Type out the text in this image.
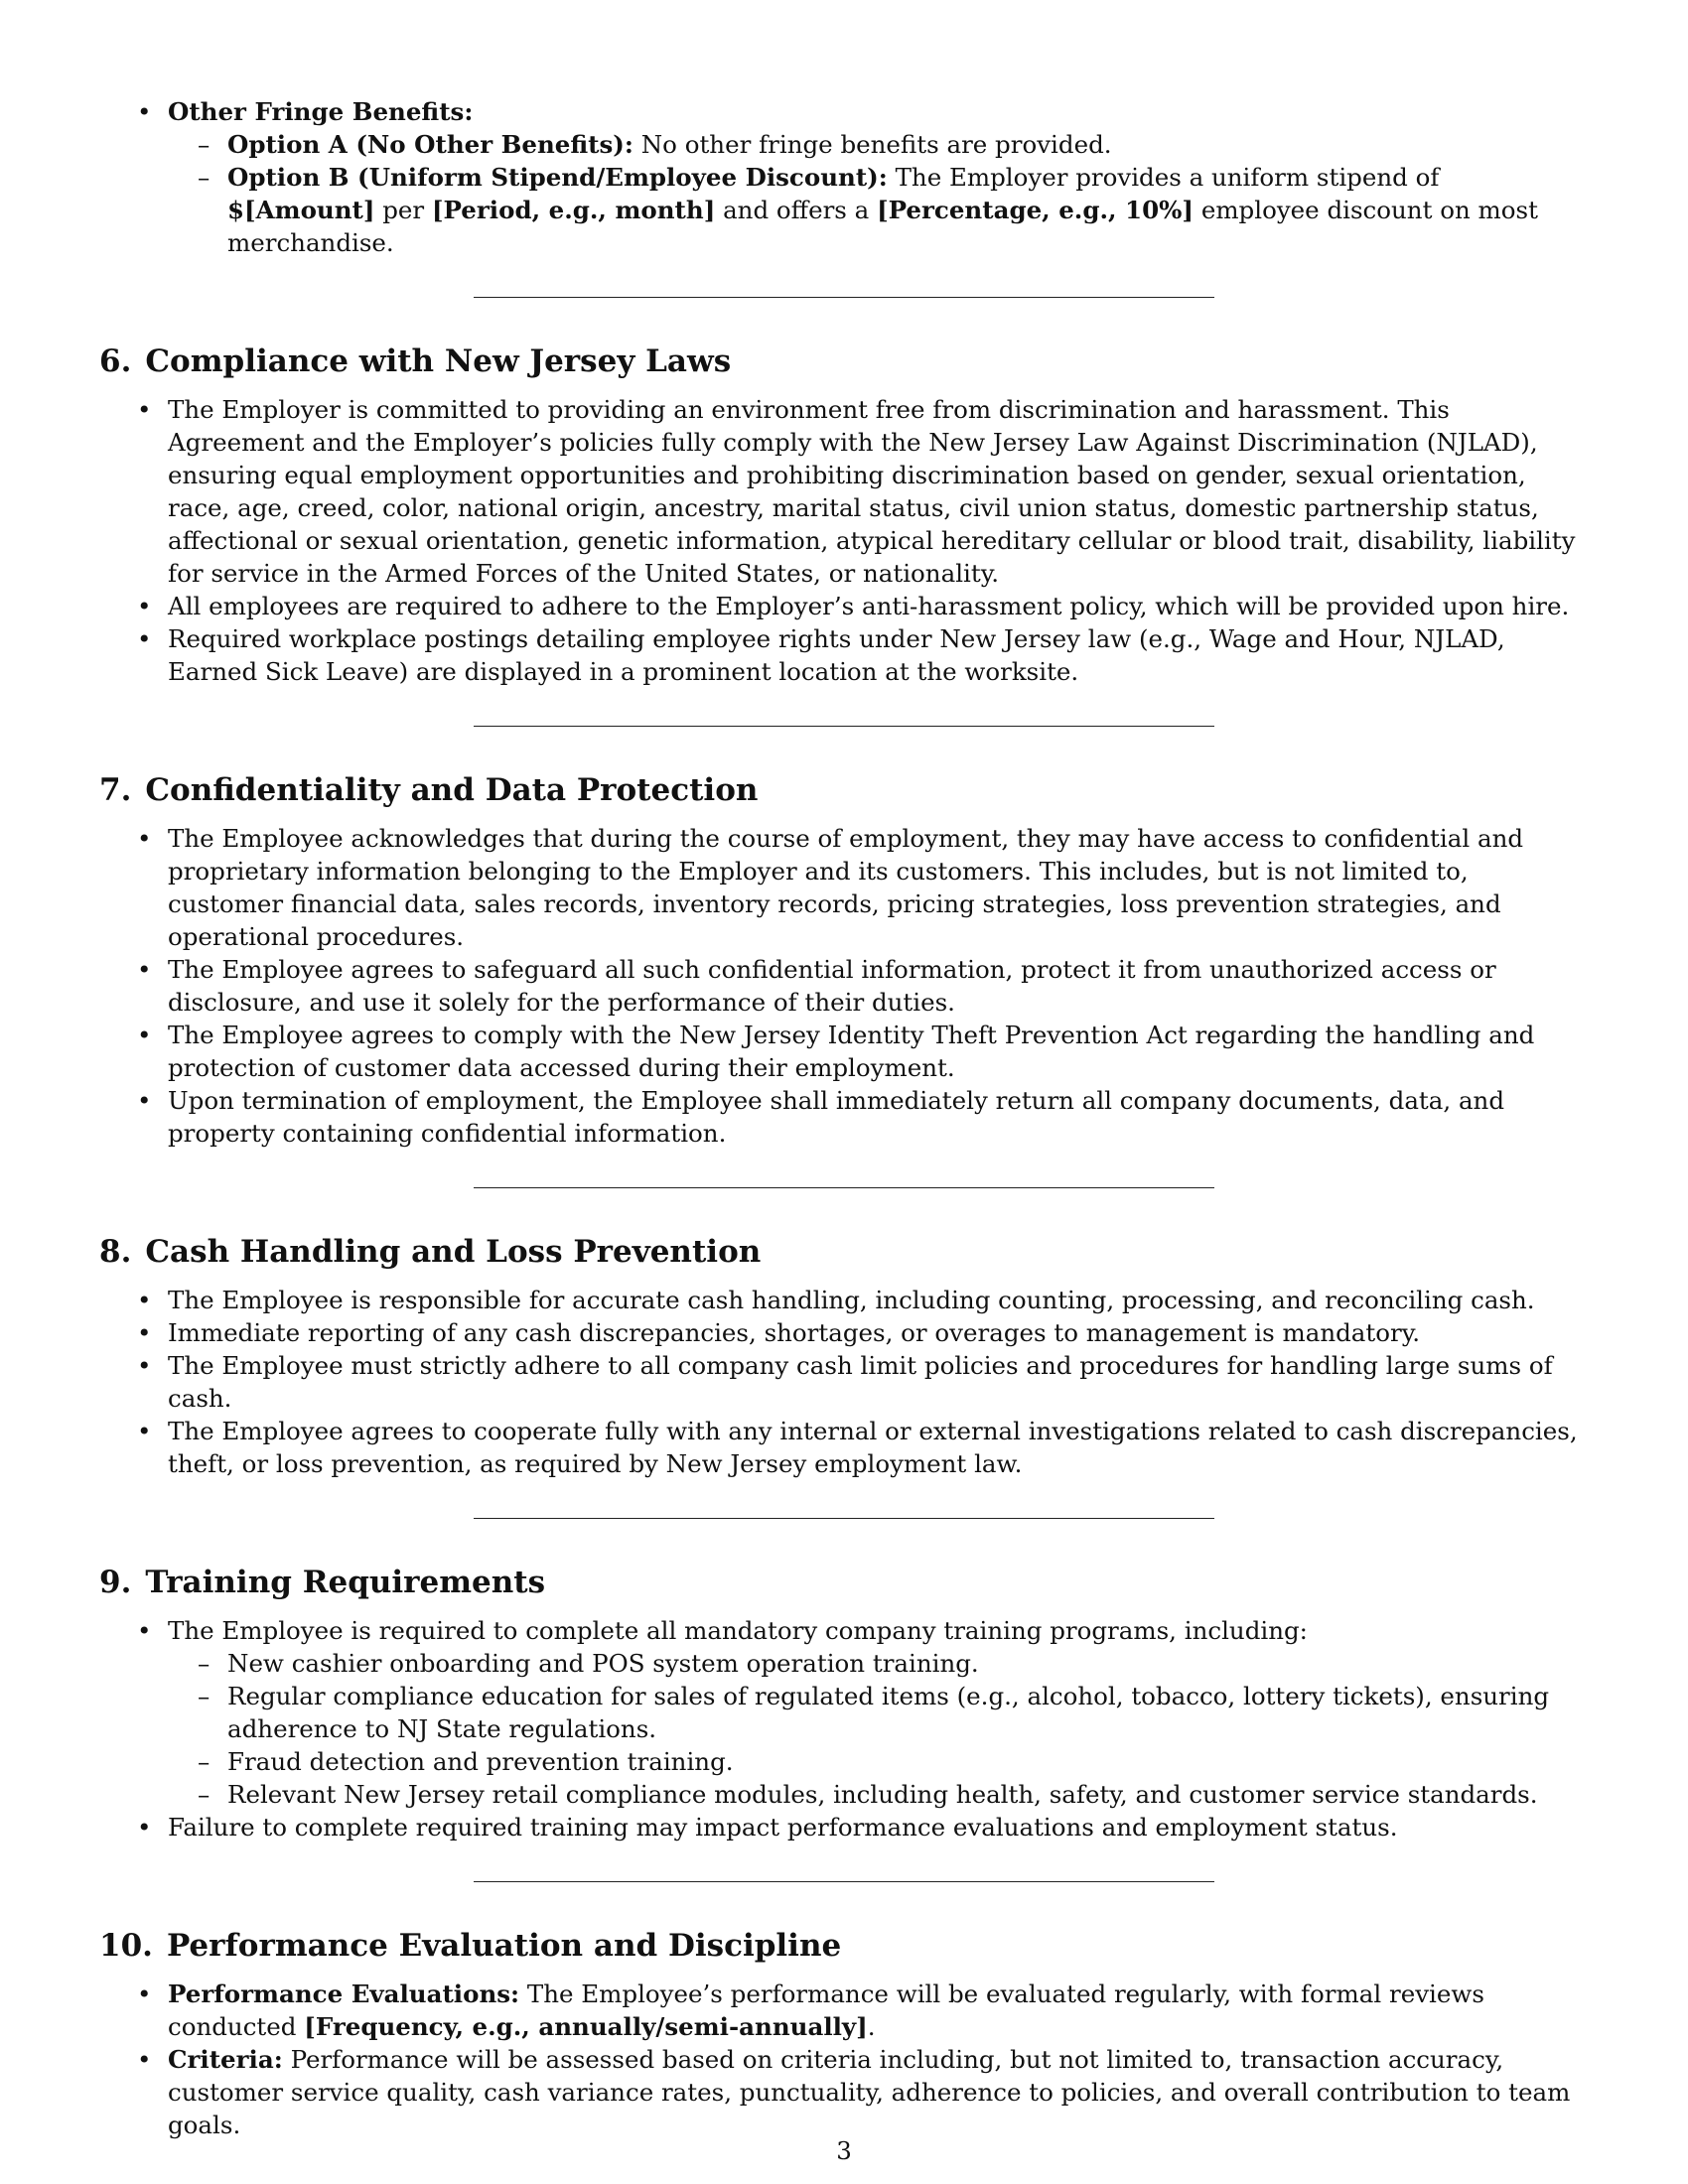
• Other Fringe Benefits:
– Option A (No Other Benefits): No other fringe benefits are provided.
– Option B (Uniform Stipend/Employee Discount): The Employer provides a uniform stipend of $[Amount] per [Period, e.g., month] and offers a [Percentage, e.g., 10%] employee discount on most merchandise.
6. Compliance with New Jersey Laws
• The Employer is committed to providing an environment free from discrimination and harassment. This Agreement and the Employer’s policies fully comply with the New Jersey Law Against Discrimination (NJLAD), ensuring equal employment opportunities and prohibiting discrimination based on gender, sexual orientation, race, age, creed, color, national origin, ancestry, marital status, civil union status, domestic partnership status, affectional or sexual orientation, genetic information, atypical hereditary cellular or blood trait, disability, liability for service in the Armed Forces of the United States, or nationality.
• All employees are required to adhere to the Employer’s anti-harassment policy, which will be provided upon hire.
• Required workplace postings detailing employee rights under New Jersey law (e.g., Wage and Hour, NJLAD, Earned Sick Leave) are displayed in a prominent location at the worksite.
7. Confidentiality and Data Protection
• The Employee acknowledges that during the course of employment, they may have access to confidential and proprietary information belonging to the Employer and its customers. This includes, but is not limited to, customer financial data, sales records, inventory records, pricing strategies, loss prevention strategies, and operational procedures.
• The Employee agrees to safeguard all such confidential information, protect it from unauthorized access or disclosure, and use it solely for the performance of their duties.
• The Employee agrees to comply with the New Jersey Identity Theft Prevention Act regarding the handling and protection of customer data accessed during their employment.
• Upon termination of employment, the Employee shall immediately return all company documents, data, and property containing confidential information.
8. Cash Handling and Loss Prevention
• The Employee is responsible for accurate cash handling, including counting, processing, and reconciling cash.
• Immediate reporting of any cash discrepancies, shortages, or overages to management is mandatory.
• The Employee must strictly adhere to all company cash limit policies and procedures for handling large sums of cash.
• The Employee agrees to cooperate fully with any internal or external investigations related to cash discrepancies, theft, or loss prevention, as required by New Jersey employment law.
9. Training Requirements
• The Employee is required to complete all mandatory company training programs, including:
– New cashier onboarding and POS system operation training.
– Regular compliance education for sales of regulated items (e.g., alcohol, tobacco, lottery tickets), ensuring adherence to NJ State regulations.
– Fraud detection and prevention training.
– Relevant New Jersey retail compliance modules, including health, safety, and customer service standards.
• Failure to complete required training may impact performance evaluations and employment status.
10. Performance Evaluation and Discipline
• Performance Evaluations: The Employee’s performance will be evaluated regularly, with formal reviews conducted [Frequency, e.g., annually/semi-annually].
• Criteria: Performance will be assessed based on criteria including, but not limited to, transaction accuracy, customer service quality, cash variance rates, punctuality, adherence to policies, and overall contribution to team goals.
3
